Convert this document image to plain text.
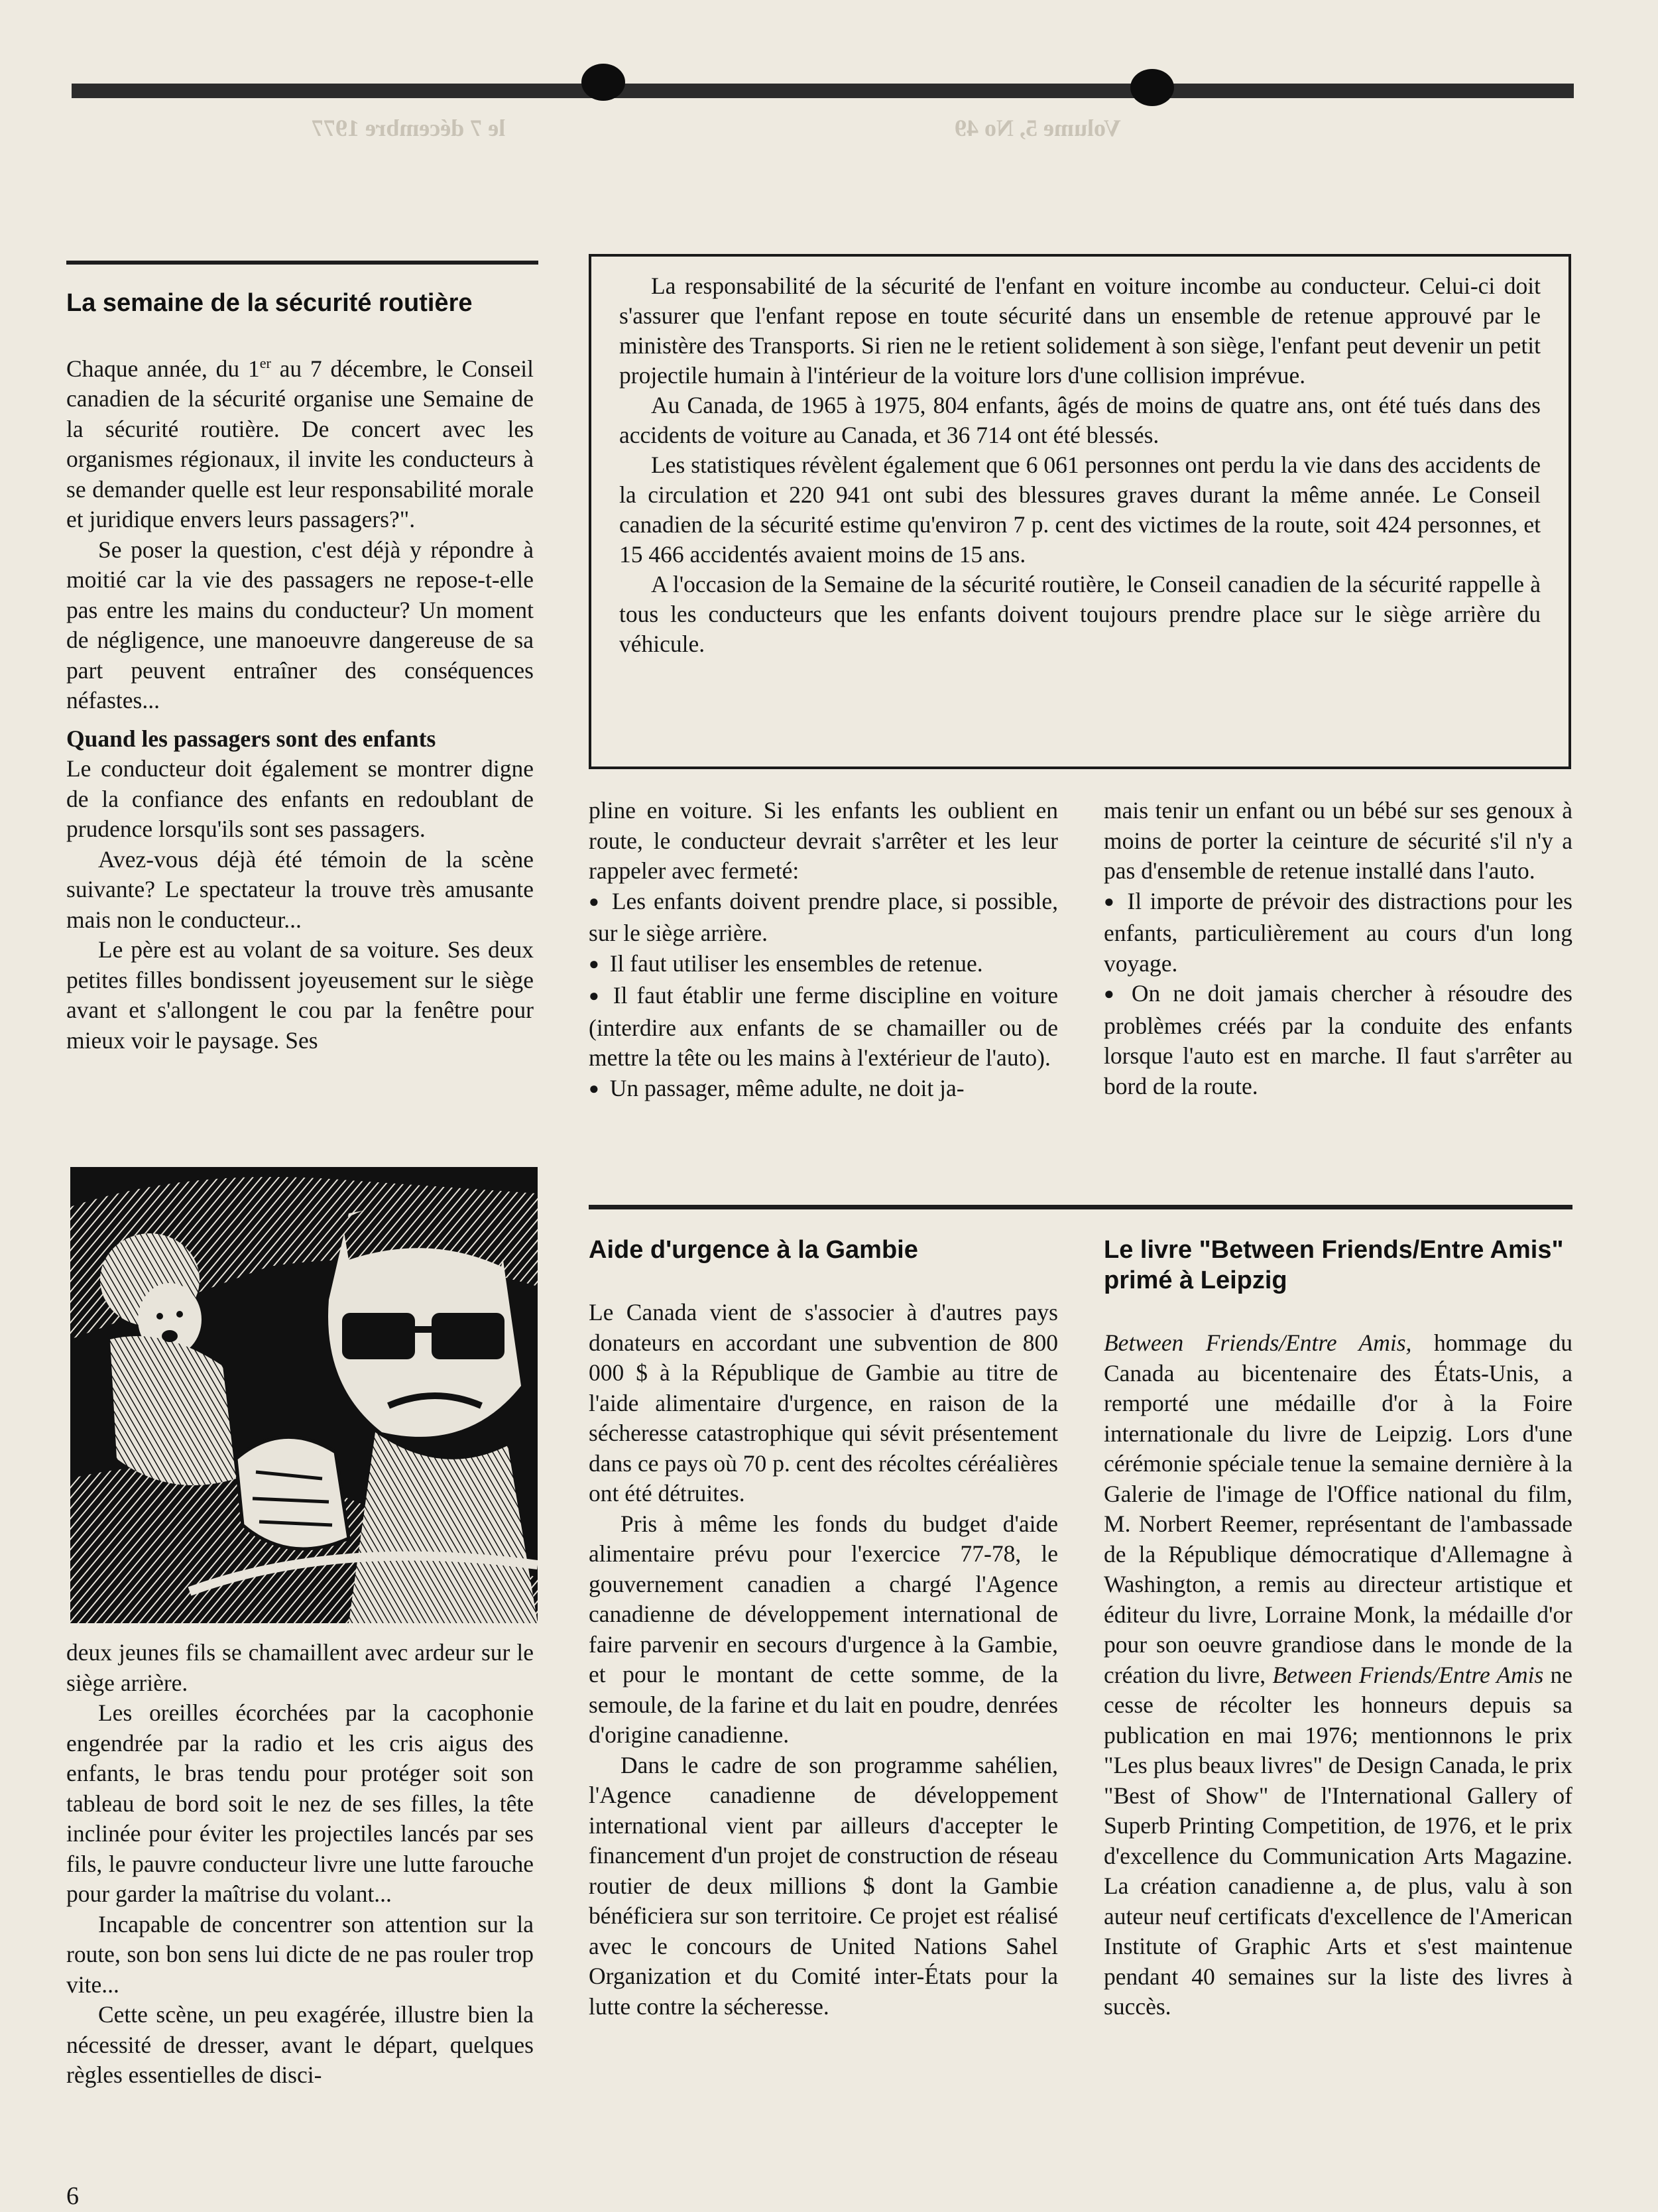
le 7 décembre 1977	Volume 5, No 49
La semaine de la sécurité routière

Chaque année, du 1er au 7 décembre, le Conseil canadien de la sécurité organise une Semaine de la sécurité routière. De concert avec les organismes régionaux, il invite les conducteurs à se demander quelle est leur responsabilité morale et juridique envers leurs passagers?".

Se poser la question, c'est déjà y répondre à moitié car la vie des passagers ne repose-t-elle pas entre les mains du conducteur? Un moment de négligence, une manoeuvre dangereuse de sa part peuvent entraîner des conséquences néfastes...

Quand les passagers sont des enfants

Le conducteur doit également se montrer digne de la confiance des enfants en redoublant de prudence lorsqu'ils sont ses passagers.

Avez-vous déjà été témoin de la scène suivante? Le spectateur la trouve très amusante mais non le conducteur...

Le père est au volant de sa voiture. Ses deux petites filles bondissent joyeusement sur le siège avant et s'allongent le cou par la fenêtre pour mieux voir le paysage. Ses

deux jeunes fils se chamaillent avec ardeur sur le siège arrière.

Les oreilles écorchées par la cacophonie engendrée par la radio et les cris aigus des enfants, le bras tendu pour protéger soit son tableau de bord soit le nez de ses filles, la tête inclinée pour éviter les projectiles lancés par ses fils, le pauvre conducteur livre une lutte farouche pour garder la maîtrise du volant...

Incapable de concentrer son attention sur la route, son bon sens lui dicte de ne pas rouler trop vite...

Cette scène, un peu exagérée, illustre bien la nécessité de dresser, avant le départ, quelques règles essentielles de disci-

La responsabilité de la sécurité de l'enfant en voiture incombe au conducteur. Celui-ci doit s'assurer que l'enfant repose en toute sécurité dans un ensemble de retenue approuvé par le ministère des Transports. Si rien ne le retient solidement à son siège, l'enfant peut devenir un petit projectile humain à l'intérieur de la voiture lors d'une collision imprévue.

Au Canada, de 1965 à 1975, 804 enfants, âgés de moins de quatre ans, ont été tués dans des accidents de voiture au Canada, et 36 714 ont été blessés.

Les statistiques révèlent également que 6 061 personnes ont perdu la vie dans des accidents de la circulation et 220 941 ont subi des blessures graves durant la même année. Le Conseil canadien de la sécurité estime qu'environ 7 p. cent des victimes de la route, soit 424 personnes, et 15 466 accidentés avaient moins de 15 ans.

A l'occasion de la Semaine de la sécurité routière, le Conseil canadien de la sécurité rappelle à tous les conducteurs que les enfants doivent toujours prendre place sur le siège arrière du véhicule.

pline en voiture. Si les enfants les oublient en route, le conducteur devrait s'arrêter et les leur rappeler avec fermeté:

● Les enfants doivent prendre place, si possible, sur le siège arrière.

● Il faut utiliser les ensembles de retenue.

● Il faut établir une ferme discipline en voiture (interdire aux enfants de se chamailler ou de mettre la tête ou les mains à l'extérieur de l'auto).

● Un passager, même adulte, ne doit ja-

mais tenir un enfant ou un bébé sur ses genoux à moins de porter la ceinture de sécurité s'il n'y a pas d'ensemble de retenue installé dans l'auto.

● Il importe de prévoir des distractions pour les enfants, particulièrement au cours d'un long voyage.

● On ne doit jamais chercher à résoudre des problèmes créés par la conduite des enfants lorsque l'auto est en marche. Il faut s'arrêter au bord de la route.

Aide d'urgence à la Gambie

Le Canada vient de s'associer à d'autres pays donateurs en accordant une subvention de 800 000 $ à la République de Gambie au titre de l'aide alimentaire d'urgence, en raison de la sécheresse catastrophique qui sévit présentement dans ce pays où 70 p. cent des récoltes céréalières ont été détruites.

Pris à même les fonds du budget d'aide alimentaire prévu pour l'exercice 77-78, le gouvernement canadien a chargé l'Agence canadienne de développement international de faire parvenir en secours d'urgence à la Gambie, et pour le montant de cette somme, de la semoule, de la farine et du lait en poudre, denrées d'origine canadienne.

Dans le cadre de son programme sahélien, l'Agence canadienne de développement international vient par ailleurs d'accepter le financement d'un projet de construction de réseau routier de deux millions $ dont la Gambie bénéficiera sur son territoire. Ce projet est réalisé avec le concours de United Nations Sahel Organization et du Comité inter-États pour la lutte contre la sécheresse.

Le livre "Between Friends/Entre Amis" primé à Leipzig

Between Friends/Entre Amis, hommage du Canada au bicentenaire des États-Unis, a remporté une médaille d'or à la Foire internationale du livre de Leipzig. Lors d'une cérémonie spéciale tenue la semaine dernière à la Galerie de l'image de l'Office national du film, M. Norbert Reemer, représentant de l'ambassade de la République démocratique d'Allemagne à Washington, a remis au directeur artistique et éditeur du livre, Lorraine Monk, la médaille d'or pour son oeuvre grandiose dans le monde de la création du livre, Between Friends/Entre Amis ne cesse de récolter les honneurs depuis sa publication en mai 1976; mentionnons le prix "Les plus beaux livres" de Design Canada, le prix "Best of Show" de l'International Gallery of Superb Printing Competition, de 1976, et le prix d'excellence du Communication Arts Magazine. La création canadienne a, de plus, valu à son auteur neuf certificats d'excellence de l'American Institute of Graphic Arts et s'est maintenue pendant 40 semaines sur la liste des livres à succès.

6
